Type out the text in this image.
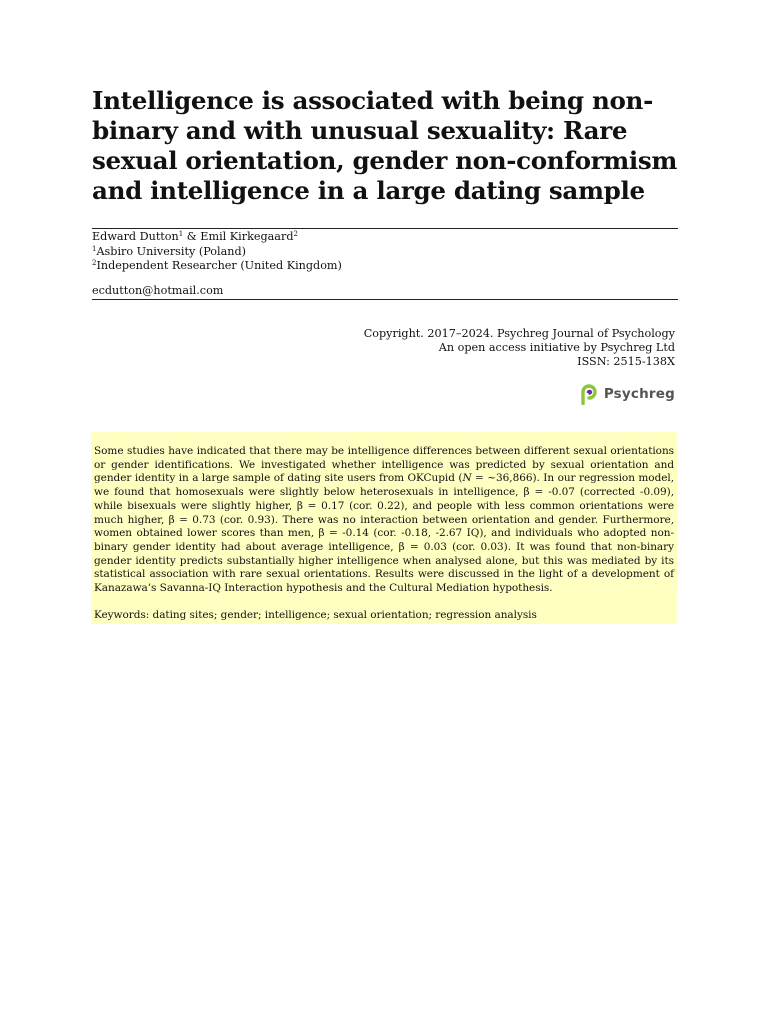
Intelligence is associated with being non-binary and with unusual sexuality: Rare sexual orientation, gender non-conformism and intelligence in a large dating sample
Edward Dutton$^1$ & Emil Kirkegaard$^2$
$^1$Asbiro University (Poland)
$^2$Independent Researcher (United Kingdom)
ecdutton@hotmail.com
Copyright. 2017–2024. Psychreg Journal of Psychology
An open access initiative by Psychreg Ltd
ISSN: 2515-138X
Psychreg

Some studies have indicated that there may be intelligence differences between different sexual orientations or gender identifications. We investigated whether intelligence was predicted by sexual orientation and gender identity in a large sample of dating site users from OKCupid (N = ~36,866). In our regression model, we found that homosexuals were slightly below heterosexuals in intelligence, β = -0.07 (corrected -0.09), while bisexuals were slightly higher, β = 0.17 (cor. 0.22), and people with less common orientations were much higher, β = 0.73 (cor. 0.93). There was no interaction between orientation and gender. Furthermore, women obtained lower scores than men, β = -0.14 (cor. -0.18, -2.67 IQ), and individuals who adopted non-binary gender identity had about average intelligence, β = 0.03 (cor. 0.03). It was found that non-binary gender identity predicts substantially higher intelligence when analysed alone, but this was mediated by its statistical association with rare sexual orientations. Results were discussed in the light of a development of Kanazawa’s Savanna-IQ Interaction hypothesis and the Cultural Mediation hypothesis.

Keywords: dating sites; gender; intelligence; sexual orientation; regression analysis
